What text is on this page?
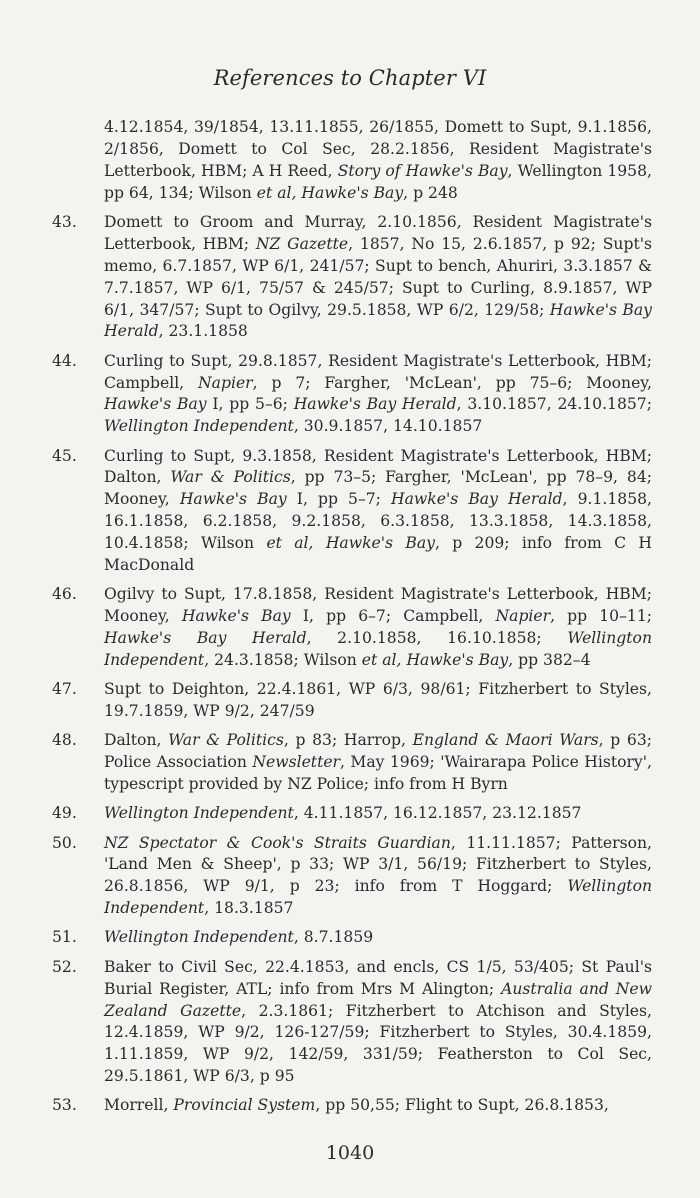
References to Chapter VI
4.12.1854, 39/1854, 13.11.1855, 26/1855, Domett to Supt, 9.1.1856, 2/1856, Domett to Col Sec, 28.2.1856, Resident Magistrate's Letterbook, HBM; A H Reed, Story of Hawke's Bay, Wellington 1958, pp 64, 134; Wilson et al, Hawke's Bay, p 248
43.	Domett to Groom and Murray, 2.10.1856, Resident Magistrate's Letterbook, HBM; NZ Gazette, 1857, No 15, 2.6.1857, p 92; Supt's memo, 6.7.1857, WP 6/1, 241/57; Supt to bench, Ahuriri, 3.3.1857 & 7.7.1857, WP 6/1, 75/57 & 245/57; Supt to Curling, 8.9.1857, WP 6/1, 347/57; Supt to Ogilvy, 29.5.1858, WP 6/2, 129/58; Hawke's Bay Herald, 23.1.1858
44.	Curling to Supt, 29.8.1857, Resident Magistrate's Letterbook, HBM; Campbell, Napier, p 7; Fargher, 'McLean', pp 75–6; Mooney, Hawke's Bay I, pp 5–6; Hawke's Bay Herald, 3.10.1857, 24.10.1857; Wellington Independent, 30.9.1857, 14.10.1857
45.	Curling to Supt, 9.3.1858, Resident Magistrate's Letterbook, HBM; Dalton, War & Politics, pp 73–5; Fargher, 'McLean', pp 78–9, 84; Mooney, Hawke's Bay I, pp 5–7; Hawke's Bay Herald, 9.1.1858, 16.1.1858, 6.2.1858, 9.2.1858, 6.3.1858, 13.3.1858, 14.3.1858, 10.4.1858; Wilson et al, Hawke's Bay, p 209; info from C H MacDonald
46.	Ogilvy to Supt, 17.8.1858, Resident Magistrate's Letterbook, HBM; Mooney, Hawke's Bay I, pp 6–7; Campbell, Napier, pp 10–11; Hawke's Bay Herald, 2.10.1858, 16.10.1858; Wellington Independent, 24.3.1858; Wilson et al, Hawke's Bay, pp 382–4
47.	Supt to Deighton, 22.4.1861, WP 6/3, 98/61; Fitzherbert to Styles, 19.7.1859, WP 9/2, 247/59
48.	Dalton, War & Politics, p 83; Harrop, England & Maori Wars, p 63; Police Association Newsletter, May 1969; 'Wairarapa Police History', typescript provided by NZ Police; info from H Byrn
49.	Wellington Independent, 4.11.1857, 16.12.1857, 23.12.1857
50.	NZ Spectator & Cook's Straits Guardian, 11.11.1857; Patterson, 'Land Men & Sheep', p 33; WP 3/1, 56/19; Fitzherbert to Styles, 26.8.1856, WP 9/1, p 23; info from T Hoggard; Wellington Independent, 18.3.1857
51.	Wellington Independent, 8.7.1859
52.	Baker to Civil Sec, 22.4.1853, and encls, CS 1/5, 53/405; St Paul's Burial Register, ATL; info from Mrs M Alington; Australia and New Zealand Gazette, 2.3.1861; Fitzherbert to Atchison and Styles, 12.4.1859, WP 9/2, 126-127/59; Fitzherbert to Styles, 30.4.1859, 1.11.1859, WP 9/2, 142/59, 331/59; Featherston to Col Sec, 29.5.1861, WP 6/3, p 95
53.	Morrell, Provincial System, pp 50,55; Flight to Supt, 26.8.1853,
1040
